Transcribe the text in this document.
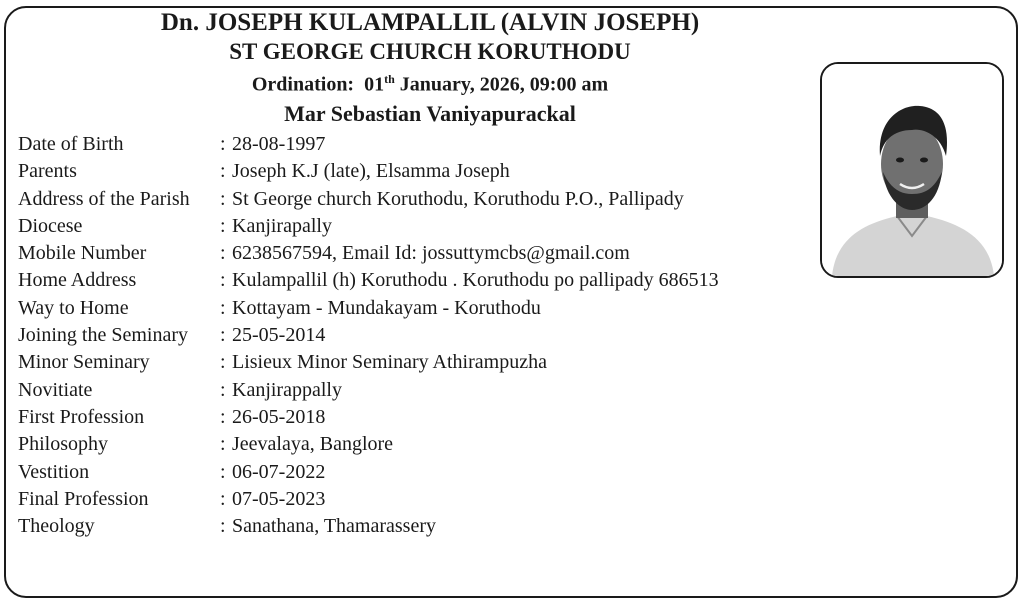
Dn. JOSEPH KULAMPALLIL (ALVIN JOSEPH)
ST GEORGE CHURCH KORUTHODU
Ordination: 01th January, 2026, 09:00 am
Mar Sebastian Vaniyapurackal
Date of Birth	: 28-08-1997
Parents	: Joseph K.J (late), Elsamma Joseph
Address of the Parish	: St George church Koruthodu, Koruthodu P.O., Pallipady
Diocese	: Kanjirapally
Mobile Number	: 6238567594, Email Id: jossuttymcbs@gmail.com
Home Address	: Kulampallil (h) Koruthodu . Koruthodu po pallipady 686513
Way to Home	: Kottayam - Mundakayam - Koruthodu
Joining the Seminary	: 25-05-2014
Minor Seminary	: Lisieux Minor Seminary Athirampuzha
Novitiate	: Kanjirappally
First Profession	: 26-05-2018
Philosophy	: Jeevalaya, Banglore
Vestition	: 06-07-2022
Final Profession	: 07-05-2023
Theology	: Sanathana, Thamarassery
